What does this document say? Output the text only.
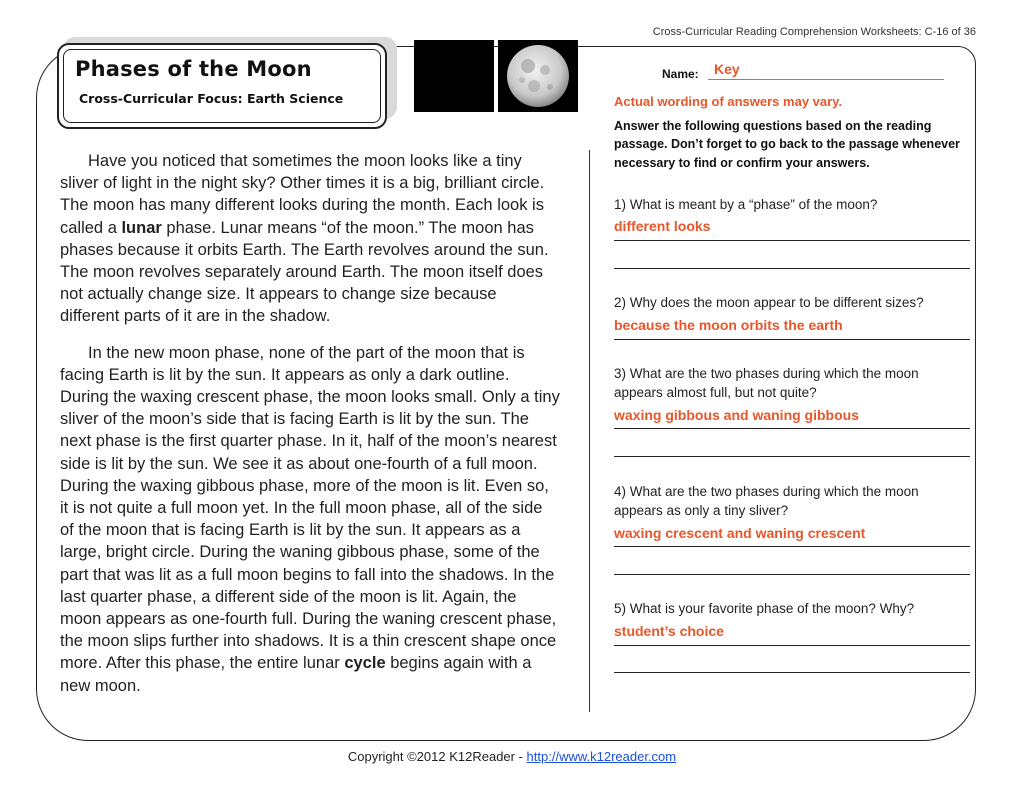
Cross-Curricular Reading Comprehension Worksheets: C-16 of 36
Phases of the Moon
Cross-Curricular Focus: Earth Science

Have you noticed that sometimes the moon looks like a tiny sliver of light in the night sky? Other times it is a big, brilliant circle. The moon has many different looks during the month. Each look is called a lunar phase. Lunar means “of the moon.” The moon has phases because it orbits Earth. The Earth revolves around the sun. The moon revolves separately around Earth. The moon itself does not actually change size. It appears to change size because different parts of it are in the shadow.

In the new moon phase, none of the part of the moon that is facing Earth is lit by the sun. It appears as only a dark outline. During the waxing crescent phase, the moon looks small. Only a tiny sliver of the moon’s side that is facing Earth is lit by the sun. The next phase is the first quarter phase. In it, half of the moon’s nearest side is lit by the sun. We see it as about one-fourth of a full moon. During the waxing gibbous phase, more of the moon is lit. Even so, it is not quite a full moon yet. In the full moon phase, all of the side of the moon that is facing Earth is lit by the sun. It appears as a large, bright circle. During the waning gibbous phase, some of the part that was lit as a full moon begins to fall into the shadows. In the last quarter phase, a different side of the moon is lit. Again, the moon appears as one-fourth full. During the waning crescent phase, the moon slips further into shadows. It is a thin crescent shape once more. After this phase, the entire lunar cycle begins again with a new moon.

Name: Key
Actual wording of answers may vary.
Answer the following questions based on the reading passage. Don’t forget to go back to the passage whenever necessary to find or confirm your answers.
1) What is meant by a “phase” of the moon?
different looks
2) Why does the moon appear to be different sizes?
because the moon orbits the earth
3) What are the two phases during which the moon appears almost full, but not quite?
waxing gibbous and waning gibbous
4) What are the two phases during which the moon appears as only a tiny sliver?
waxing crescent and waning crescent
5) What is your favorite phase of the moon? Why?
student’s choice
Copyright ©2012 K12Reader - http://www.k12reader.com
